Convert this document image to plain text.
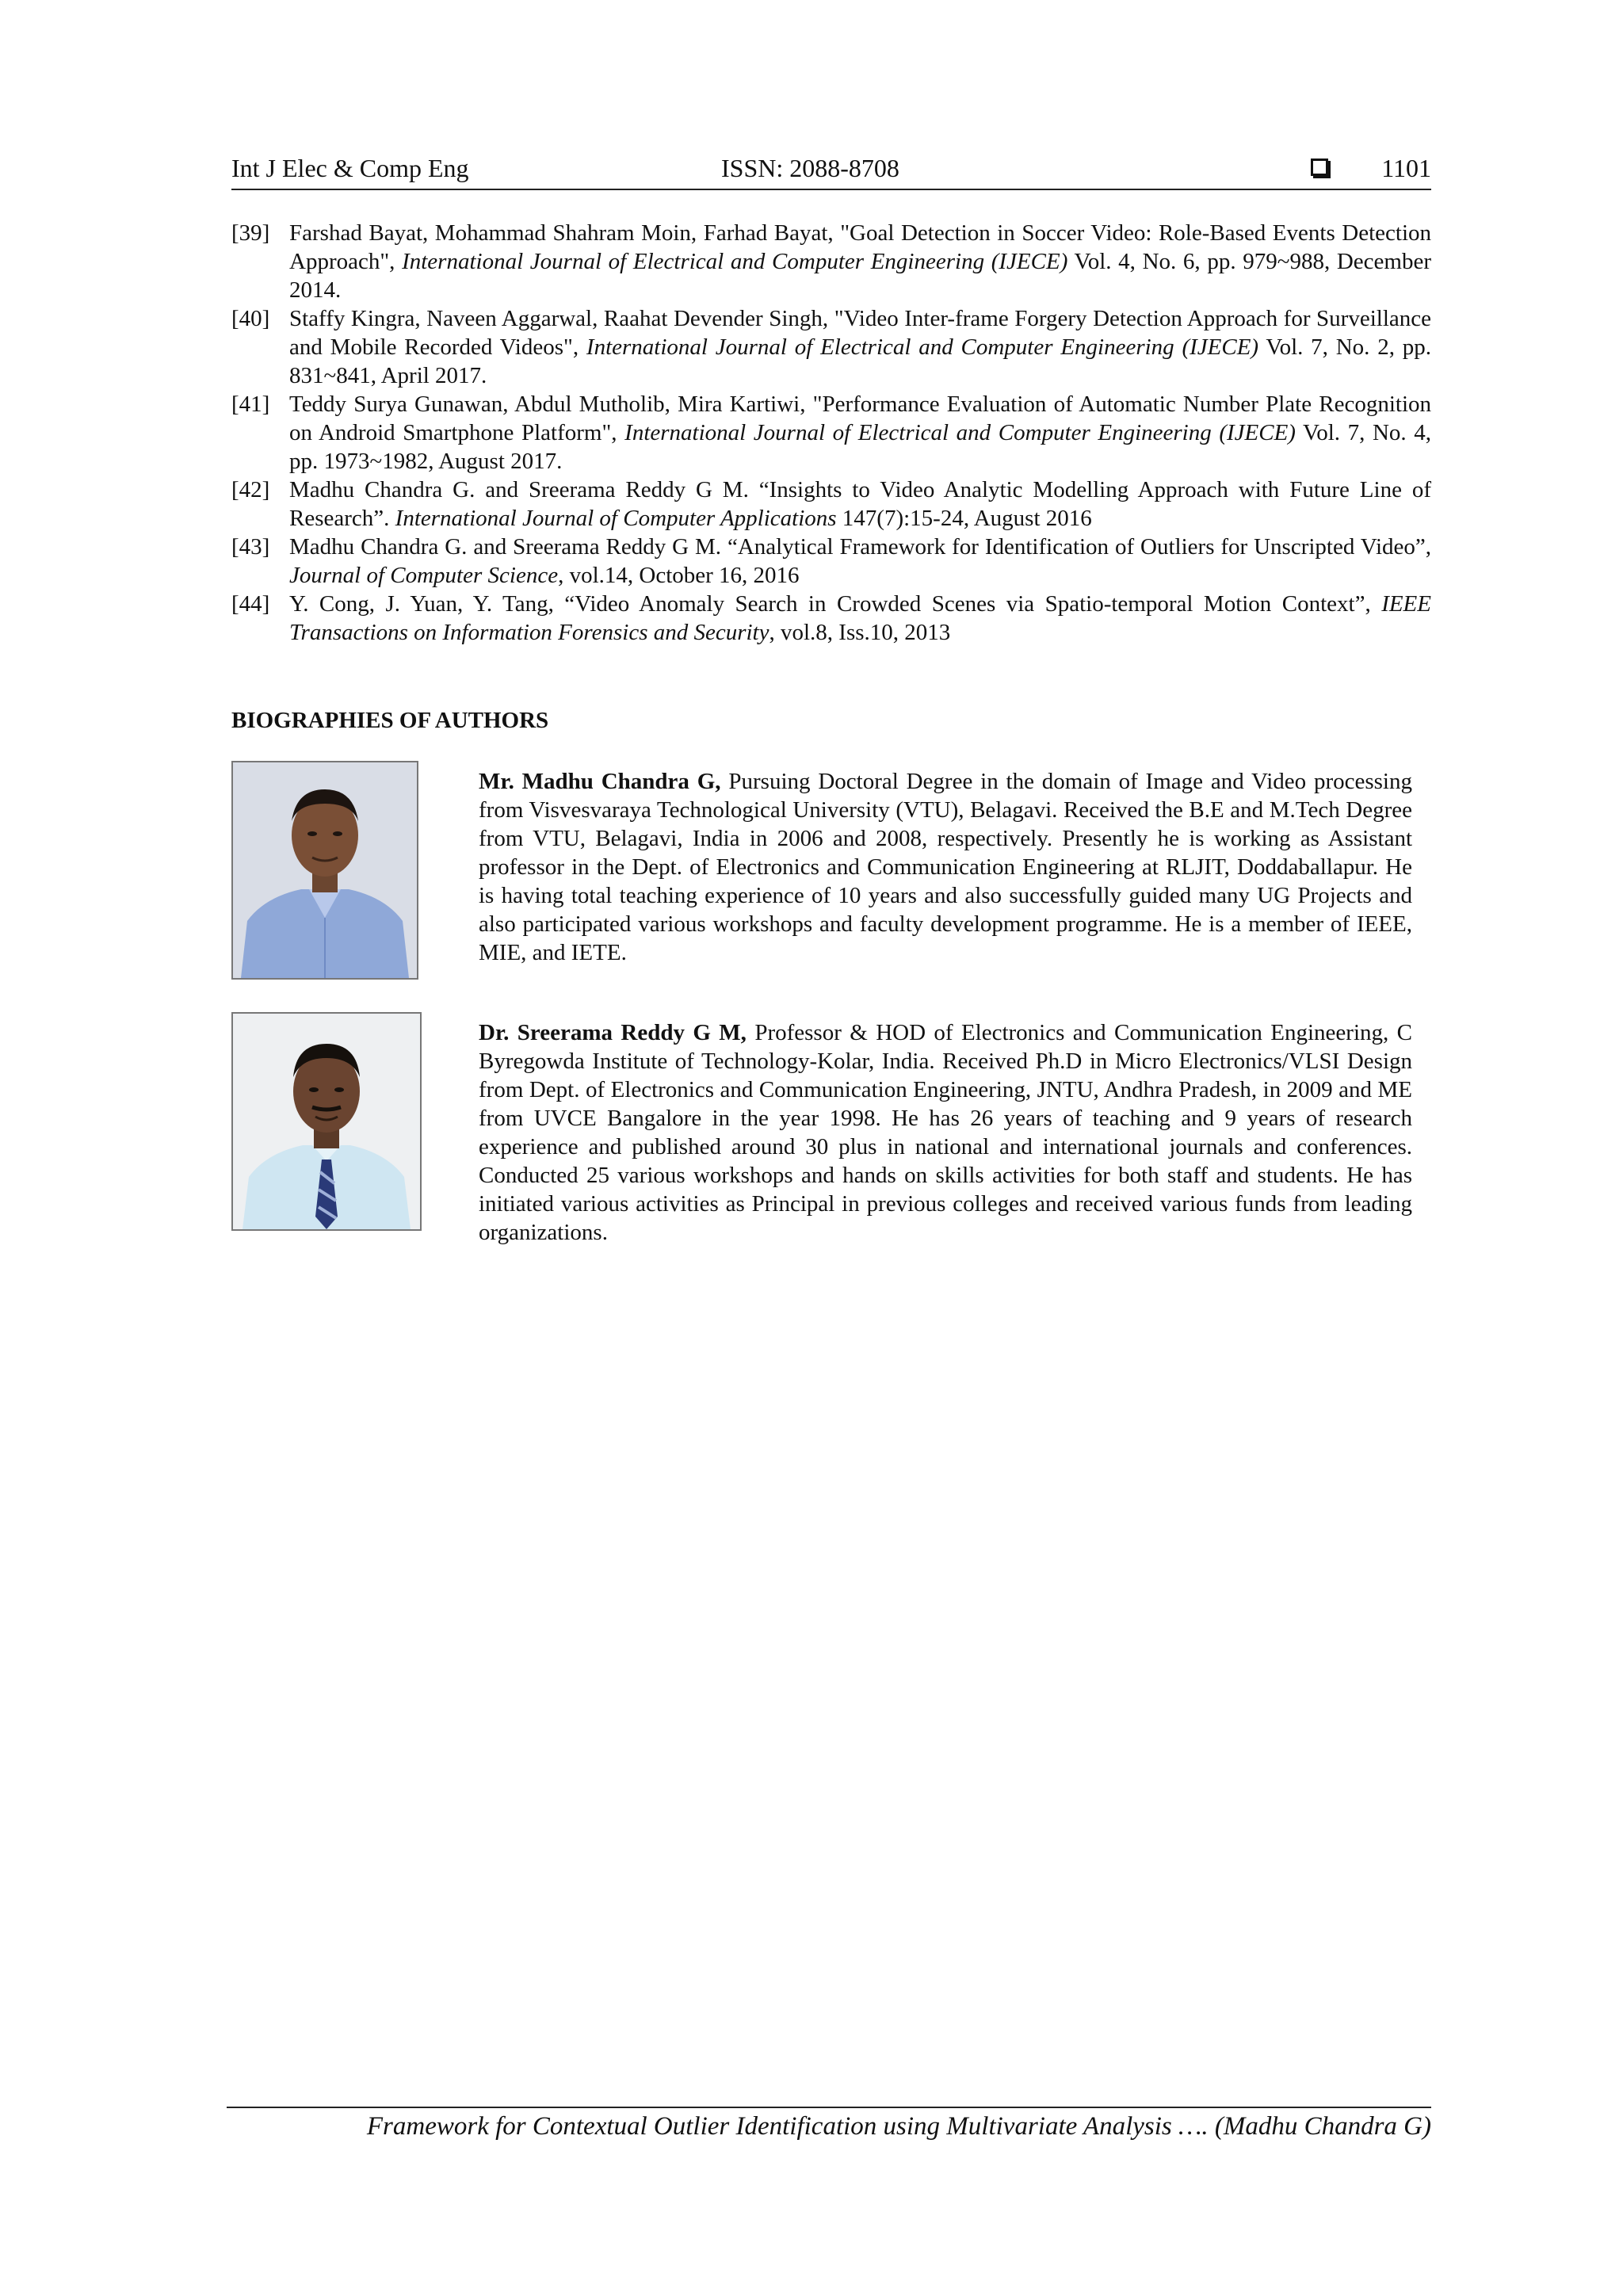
Int J Elec & Comp Eng	ISSN: 2088-8708	1101
[39] Farshad Bayat, Mohammad Shahram Moin, Farhad Bayat, "Goal Detection in Soccer Video: Role-Based Events Detection Approach", International Journal of Electrical and Computer Engineering (IJECE) Vol. 4, No. 6, pp. 979~988, December 2014.
[40] Staffy Kingra, Naveen Aggarwal, Raahat Devender Singh, "Video Inter-frame Forgery Detection Approach for Surveillance and Mobile Recorded Videos", International Journal of Electrical and Computer Engineering (IJECE) Vol. 7, No. 2, pp. 831~841, April 2017.
[41] Teddy Surya Gunawan, Abdul Mutholib, Mira Kartiwi, "Performance Evaluation of Automatic Number Plate Recognition on Android Smartphone Platform", International Journal of Electrical and Computer Engineering (IJECE) Vol. 7, No. 4, pp. 1973~1982, August 2017.
[42] Madhu Chandra G. and Sreerama Reddy G M. “Insights to Video Analytic Modelling Approach with Future Line of Research”. International Journal of Computer Applications 147(7):15-24, August 2016
[43] Madhu Chandra G. and Sreerama Reddy G M. “Analytical Framework for Identification of Outliers for Unscripted Video”, Journal of Computer Science, vol.14, October 16, 2016
[44] Y. Cong, J. Yuan, Y. Tang, “Video Anomaly Search in Crowded Scenes via Spatio-temporal Motion Context”, IEEE Transactions on Information Forensics and Security, vol.8, Iss.10, 2013
BIOGRAPHIES OF AUTHORS
Mr. Madhu Chandra G, Pursuing Doctoral Degree in the domain of Image and Video processing from Visvesvaraya Technological University (VTU), Belagavi. Received the B.E and M.Tech Degree from VTU, Belagavi, India in 2006 and 2008, respectively. Presently he is working as Assistant professor in the Dept. of Electronics and Communication Engineering at RLJIT, Doddaballapur. He is having total teaching experience of 10 years and also successfully guided many UG Projects and also participated various workshops and faculty development programme. He is a member of IEEE, MIE, and IETE.
Dr. Sreerama Reddy G M, Professor & HOD of Electronics and Communication Engineering, C Byregowda Institute of Technology-Kolar, India. Received Ph.D in Micro Electronics/VLSI Design from Dept. of Electronics and Communication Engineering, JNTU, Andhra Pradesh, in 2009 and ME from UVCE Bangalore in the year 1998. He has 26 years of teaching and 9 years of research experience and published around 30 plus in national and international journals and conferences. Conducted 25 various workshops and hands on skills activities for both staff and students. He has initiated various activities as Principal in previous colleges and received various funds from leading organizations.
Framework for Contextual Outlier Identification using Multivariate Analysis …. (Madhu Chandra G)
